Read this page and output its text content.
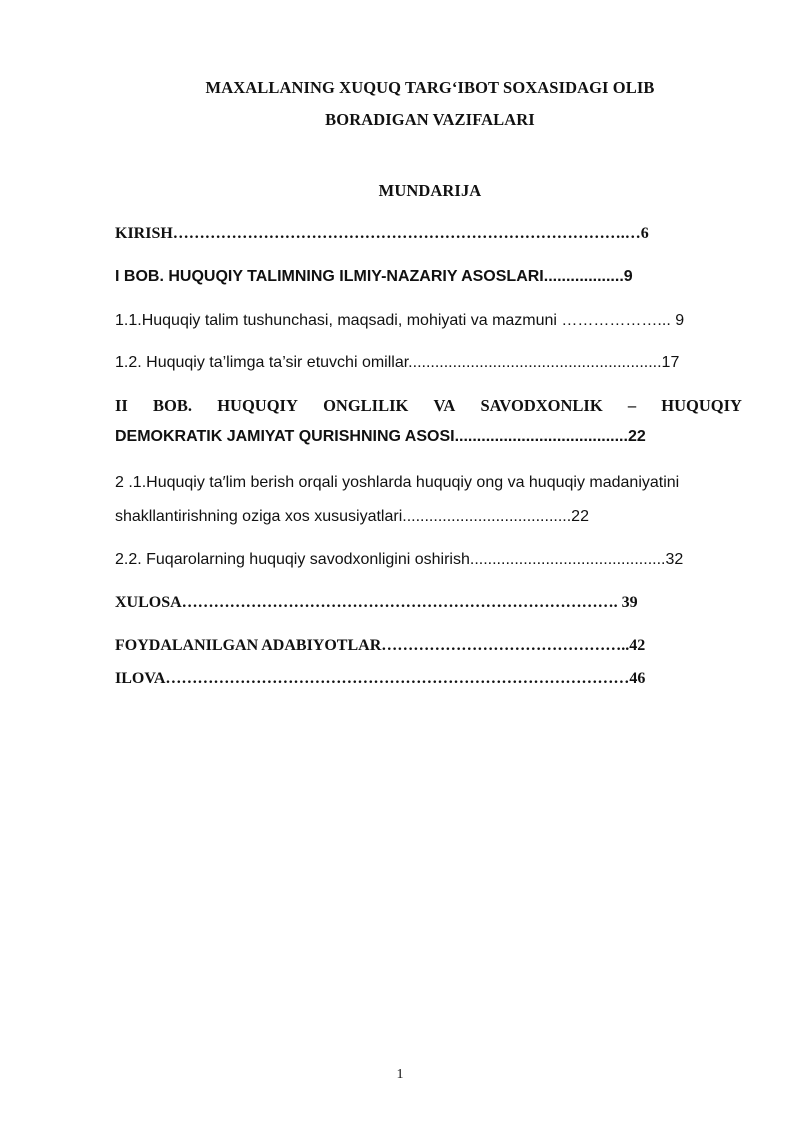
MAXALLANING XUQUQ TARG‘IBOT SOXASIDAGI OLIB
BORADIGAN VAZIFALARI
MUNDARIJA
KIRISH………………………………………………………………………….…6
I BOB. HUQUQIY TALIMNING ILMIY-NAZARIY ASOSLARI..................9
1.1.Huquqiy talim tushunchasi, maqsadi, mohiyati va mazmuni ………………... 9
1.2. Huquqiy ta’limga ta’sir etuvchi omillar.........................................................17
II BOB. HUQUQIY ONGLILIK VA SAVODXONLIK – HUQUQIY
DEMOKRATIK JAMIYAT QURISHNING ASOSI.......................................22
2 .1.Huquqiy ta′lim berish orqali yoshlarda huquqiy ong va huquqiy madaniyatini
shakllantirishning oziga xos xususiyatlari......................................22
2.2. Fuqarolarning huquqiy savodxonligini oshirish............................................32
XULOSA………………………………………………………………………. 39
FOYDALANILGAN ADABIYOTLAR………………………………………..42
ILOVA……………………………………………………………………………46
1
